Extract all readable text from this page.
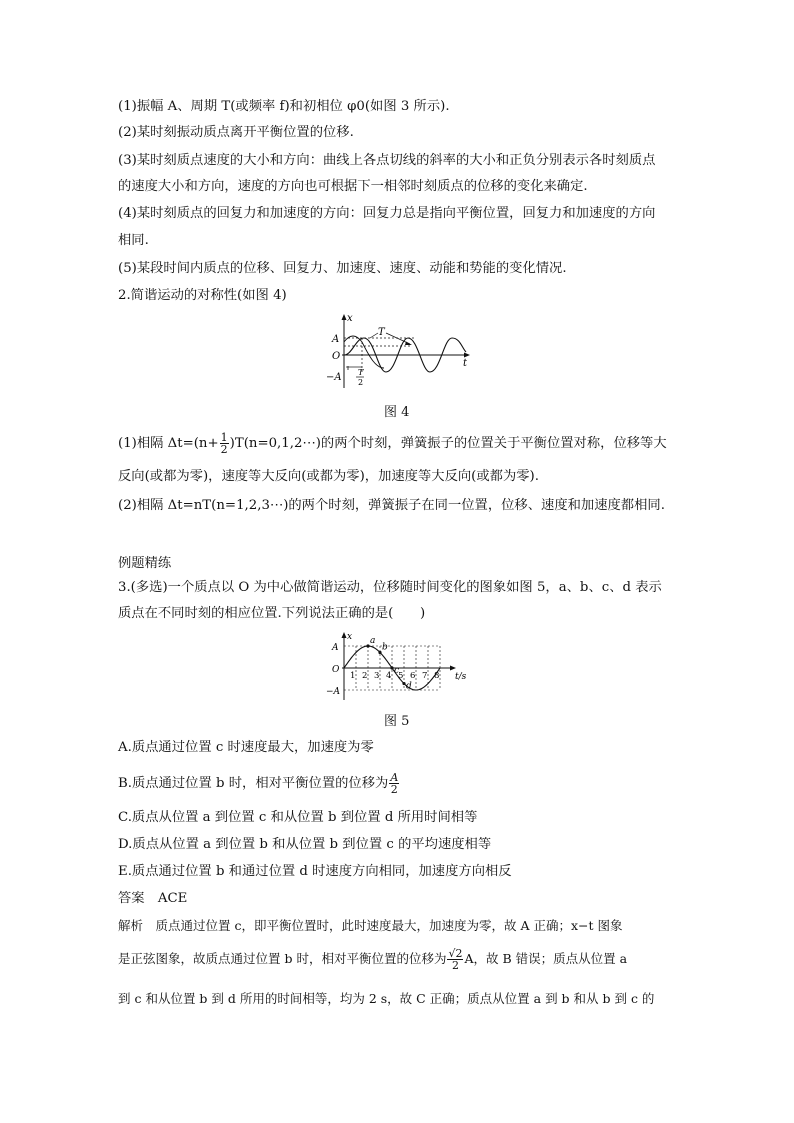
(1)振幅 A、周期 T(或频率 f)和初相位 φ0(如图 3 所示).
(2)某时刻振动质点离开平衡位置的位移.
(3)某时刻质点速度的大小和方向：曲线上各点切线的斜率的大小和正负分别表示各时刻质点
的速度大小和方向，速度的方向也可根据下一相邻时刻质点的位移的变化来确定.
(4)某时刻质点的回复力和加速度的方向：回复力总是指向平衡位置，回复力和加速度的方向
相同.
(5)某段时间内质点的位移、回复力、加速度、速度、动能和势能的变化情况.
2.简谐运动的对称性(如图 4)
x
t
A
O
−A
T
T
2
图 4
(1)相隔 $\Delta t=(n+ \frac{1}{2}$ )T(n=0,1,2⋯)的两个时刻，弹簧振子的位置关于平衡位置对称，位移等大
反向(或都为零)，速度等大反向(或都为零)，加速度等大反向(或都为零).
(2)相隔 Δt=nT(n=1,2,3⋯)的两个时刻，弹簧振子在同一位置，位移、速度和加速度都相同.
例题精练
3.(多选)一个质点以 O 为中心做简谐运动，位移随时间变化的图象如图 5，a、b、c、d 表示
质点在不同时刻的相应位置.下列说法正确的是(　　)
x
A
O
−A
t/s
1 2 3 4 5 6 7 8
a
b
c
d
图 5
A.质点通过位置 c 时速度最大，加速度为零
B.质点通过位置 b 时，相对平衡位置的位移为 $\frac{A}{2}$
C.质点从位置 a 到位置 c 和从位置 b 到位置 d 所用时间相等
D.质点从位置 a 到位置 b 和从位置 b 到位置 c 的平均速度相等
E.质点通过位置 b 和通过位置 d 时速度方向相同，加速度方向相反
答案　ACE
解析　质点通过位置 c，即平衡位置时，此时速度最大，加速度为零，故 A 正确；x−t 图象
是正弦图象，故质点通过位置 b 时，相对平衡位置的位移为 $\frac{√2}{2}$ A，故 B 错误；质点从位置 a
到 c 和从位置 b 到 d 所用的时间相等，均为 2 s，故 C 正确；质点从位置 a 到 b 和从 b 到 c 的
